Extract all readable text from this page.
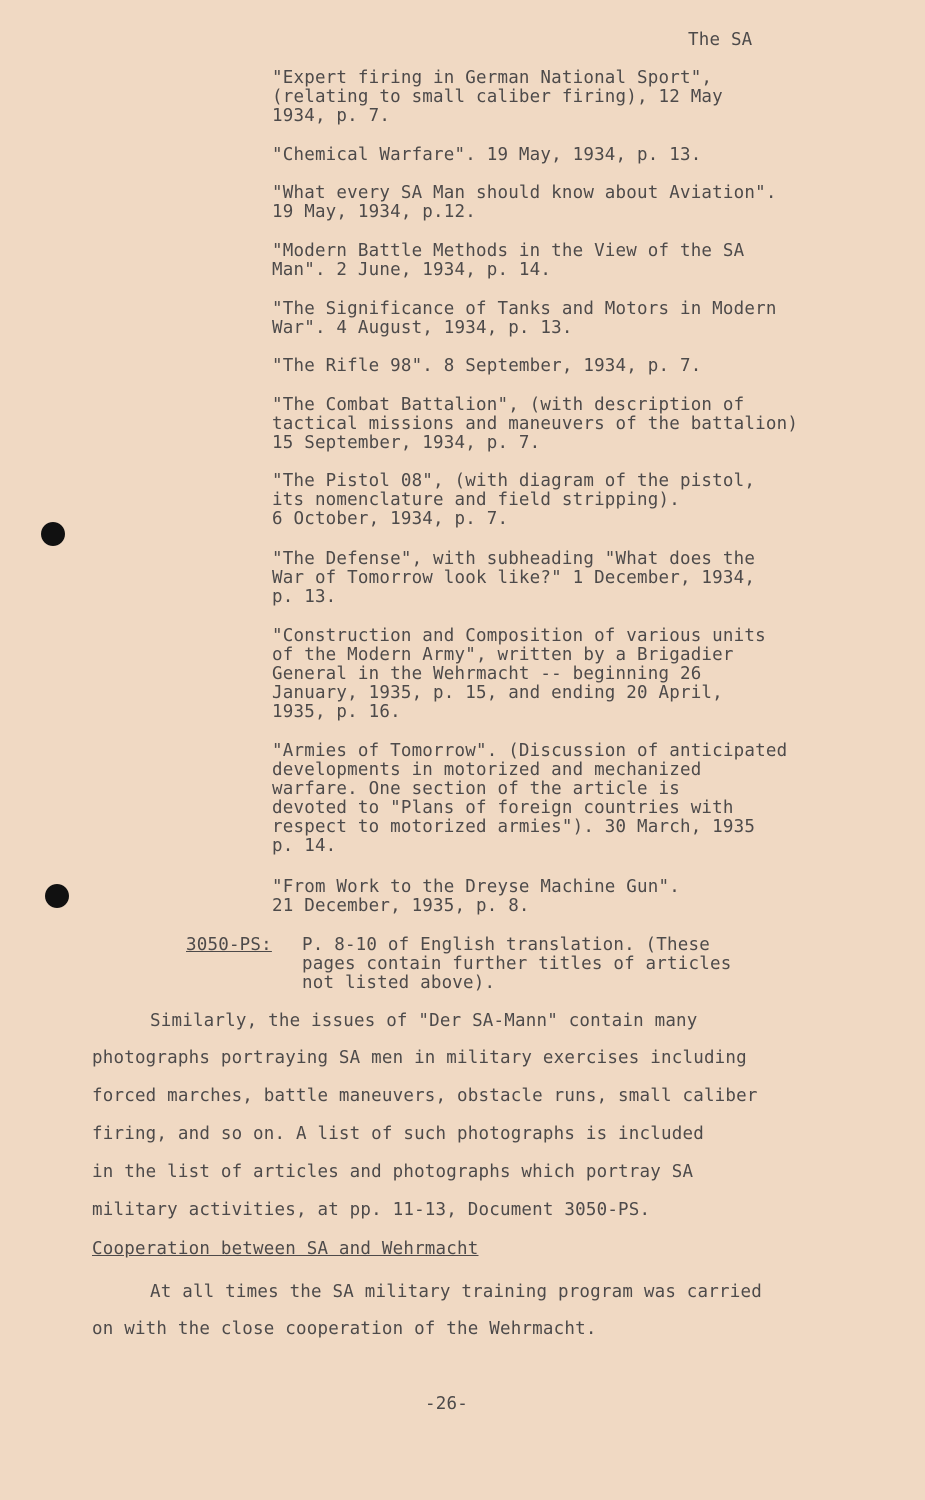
The SA
"Expert firing in German National Sport",
(relating to small caliber firing), 12 May
1934, p. 7.
"Chemical Warfare". 19 May, 1934, p. 13.
"What every SA Man should know about Aviation".
19 May, 1934, p.12.
"Modern Battle Methods in the View of the SA
Man". 2 June, 1934, p. 14.
"The Significance of Tanks and Motors in Modern
War". 4 August, 1934, p. 13.
"The Rifle 98". 8 September, 1934, p. 7.
"The Combat Battalion", (with description of
tactical missions and maneuvers of the battalion)
15 September, 1934, p. 7.
"The Pistol 08", (with diagram of the pistol,
its nomenclature and field stripping).
6 October, 1934, p. 7.
"The Defense", with subheading "What does the
War of Tomorrow look like?" 1 December, 1934,
p. 13.
"Construction and Composition of various units
of the Modern Army", written by a Brigadier
General in the Wehrmacht -- beginning 26
January, 1935, p. 15, and ending 20 April,
1935, p. 16.
"Armies of Tomorrow". (Discussion of anticipated
developments in motorized and mechanized
warfare. One section of the article is
devoted to "Plans of foreign countries with
respect to motorized armies"). 30 March, 1935
p. 14.
"From Work to the Dreyse Machine Gun".
21 December, 1935, p. 8.
3050-PS: P. 8-10 of English translation. (These
pages contain further titles of articles
not listed above).
Similarly, the issues of "Der SA-Mann" contain many
photographs portraying SA men in military exercises including
forced marches, battle maneuvers, obstacle runs, small caliber
firing, and so on. A list of such photographs is included
in the list of articles and photographs which portray SA
military activities, at pp. 11-13, Document 3050-PS.
Cooperation between SA and Wehrmacht
At all times the SA military training program was carried
on with the close cooperation of the Wehrmacht.
-26-
